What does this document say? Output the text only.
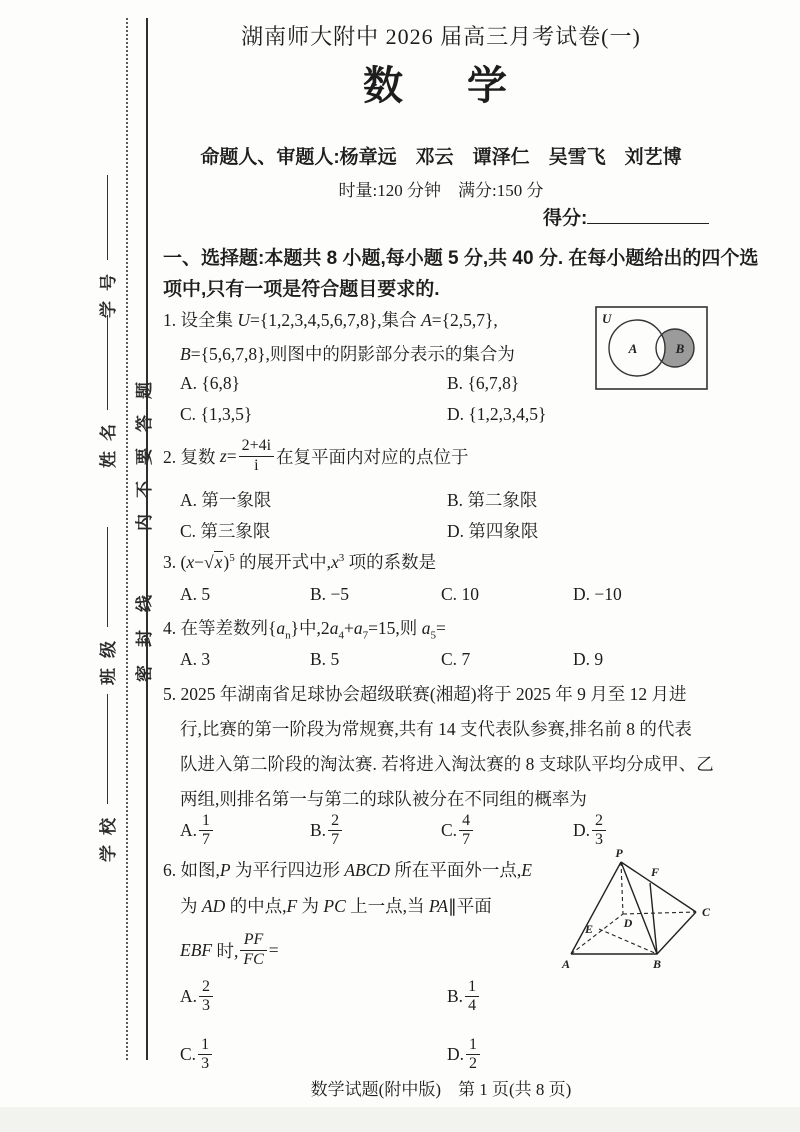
密封线内不要答题
学号
姓名
班级
学校
湖南师大附中 2026 届高三月考试卷(一)
数　学
命题人、审题人:杨章远　邓云　谭泽仁　吴雪飞　刘艺博
时量:120 分钟　满分:150 分
得分:
一、选择题:本题共 8 小题,每小题 5 分,共 40 分. 在每小题给出的四个选
项中,只有一项是符合题目要求的.
1. 设全集 U={1,2,3,4,5,6,7,8},集合 A={2,5,7},
B={5,6,7,8},则图中的阴影部分表示的集合为
A. {6,8}	B. {6,7,8}
C. {1,3,5}	D. {1,2,3,4,5}
U
A	B
2. 复数 $z = \frac{2+4i}{i}$ 在复平面内对应的点位于
A. 第一象限	B. 第二象限
C. 第三象限	D. 第四象限
3. $(x-√x)^5$ 的展开式中$,x^3$ 项的系数是
A. 5	B. −5	C. 10	D. −10
4. 在等差数列$\{a_n\}$中$,2a_4+a_7=15$,则 $a_5=$
A. 3	B. 5	C. 7	D. 9
5. 2025 年湖南省足球协会超级联赛(湘超)将于 2025 年 9 月至 12 月进
行,比赛的第一阶段为常规赛,共有 14 支代表队参赛,排名前 8 的代表
队进入第二阶段的淘汰赛. 若将进入淘汰赛的 8 支球队平均分成甲、乙
两组,则排名第一与第二的球队被分在不同组的概率为
A. $\frac{1}{7}$	B. $\frac{2}{7}$	C. $\frac{4}{7}$	D. $\frac{2}{3}$
6. 如图,P 为平行四边形 ABCD 所在平面外一点,E
为 AD 的中点,F 为 PC 上一点,当 PA∥平面
EBF 时, $\frac{PF}{FC}$ =
P
F
C
D
E
A	B
A. $\frac{2}{3}$	B. $\frac{1}{4}$
C. $\frac{1}{3}$	D. $\frac{1}{2}$
数学试题(附中版)　第 1 页(共 8 页)
